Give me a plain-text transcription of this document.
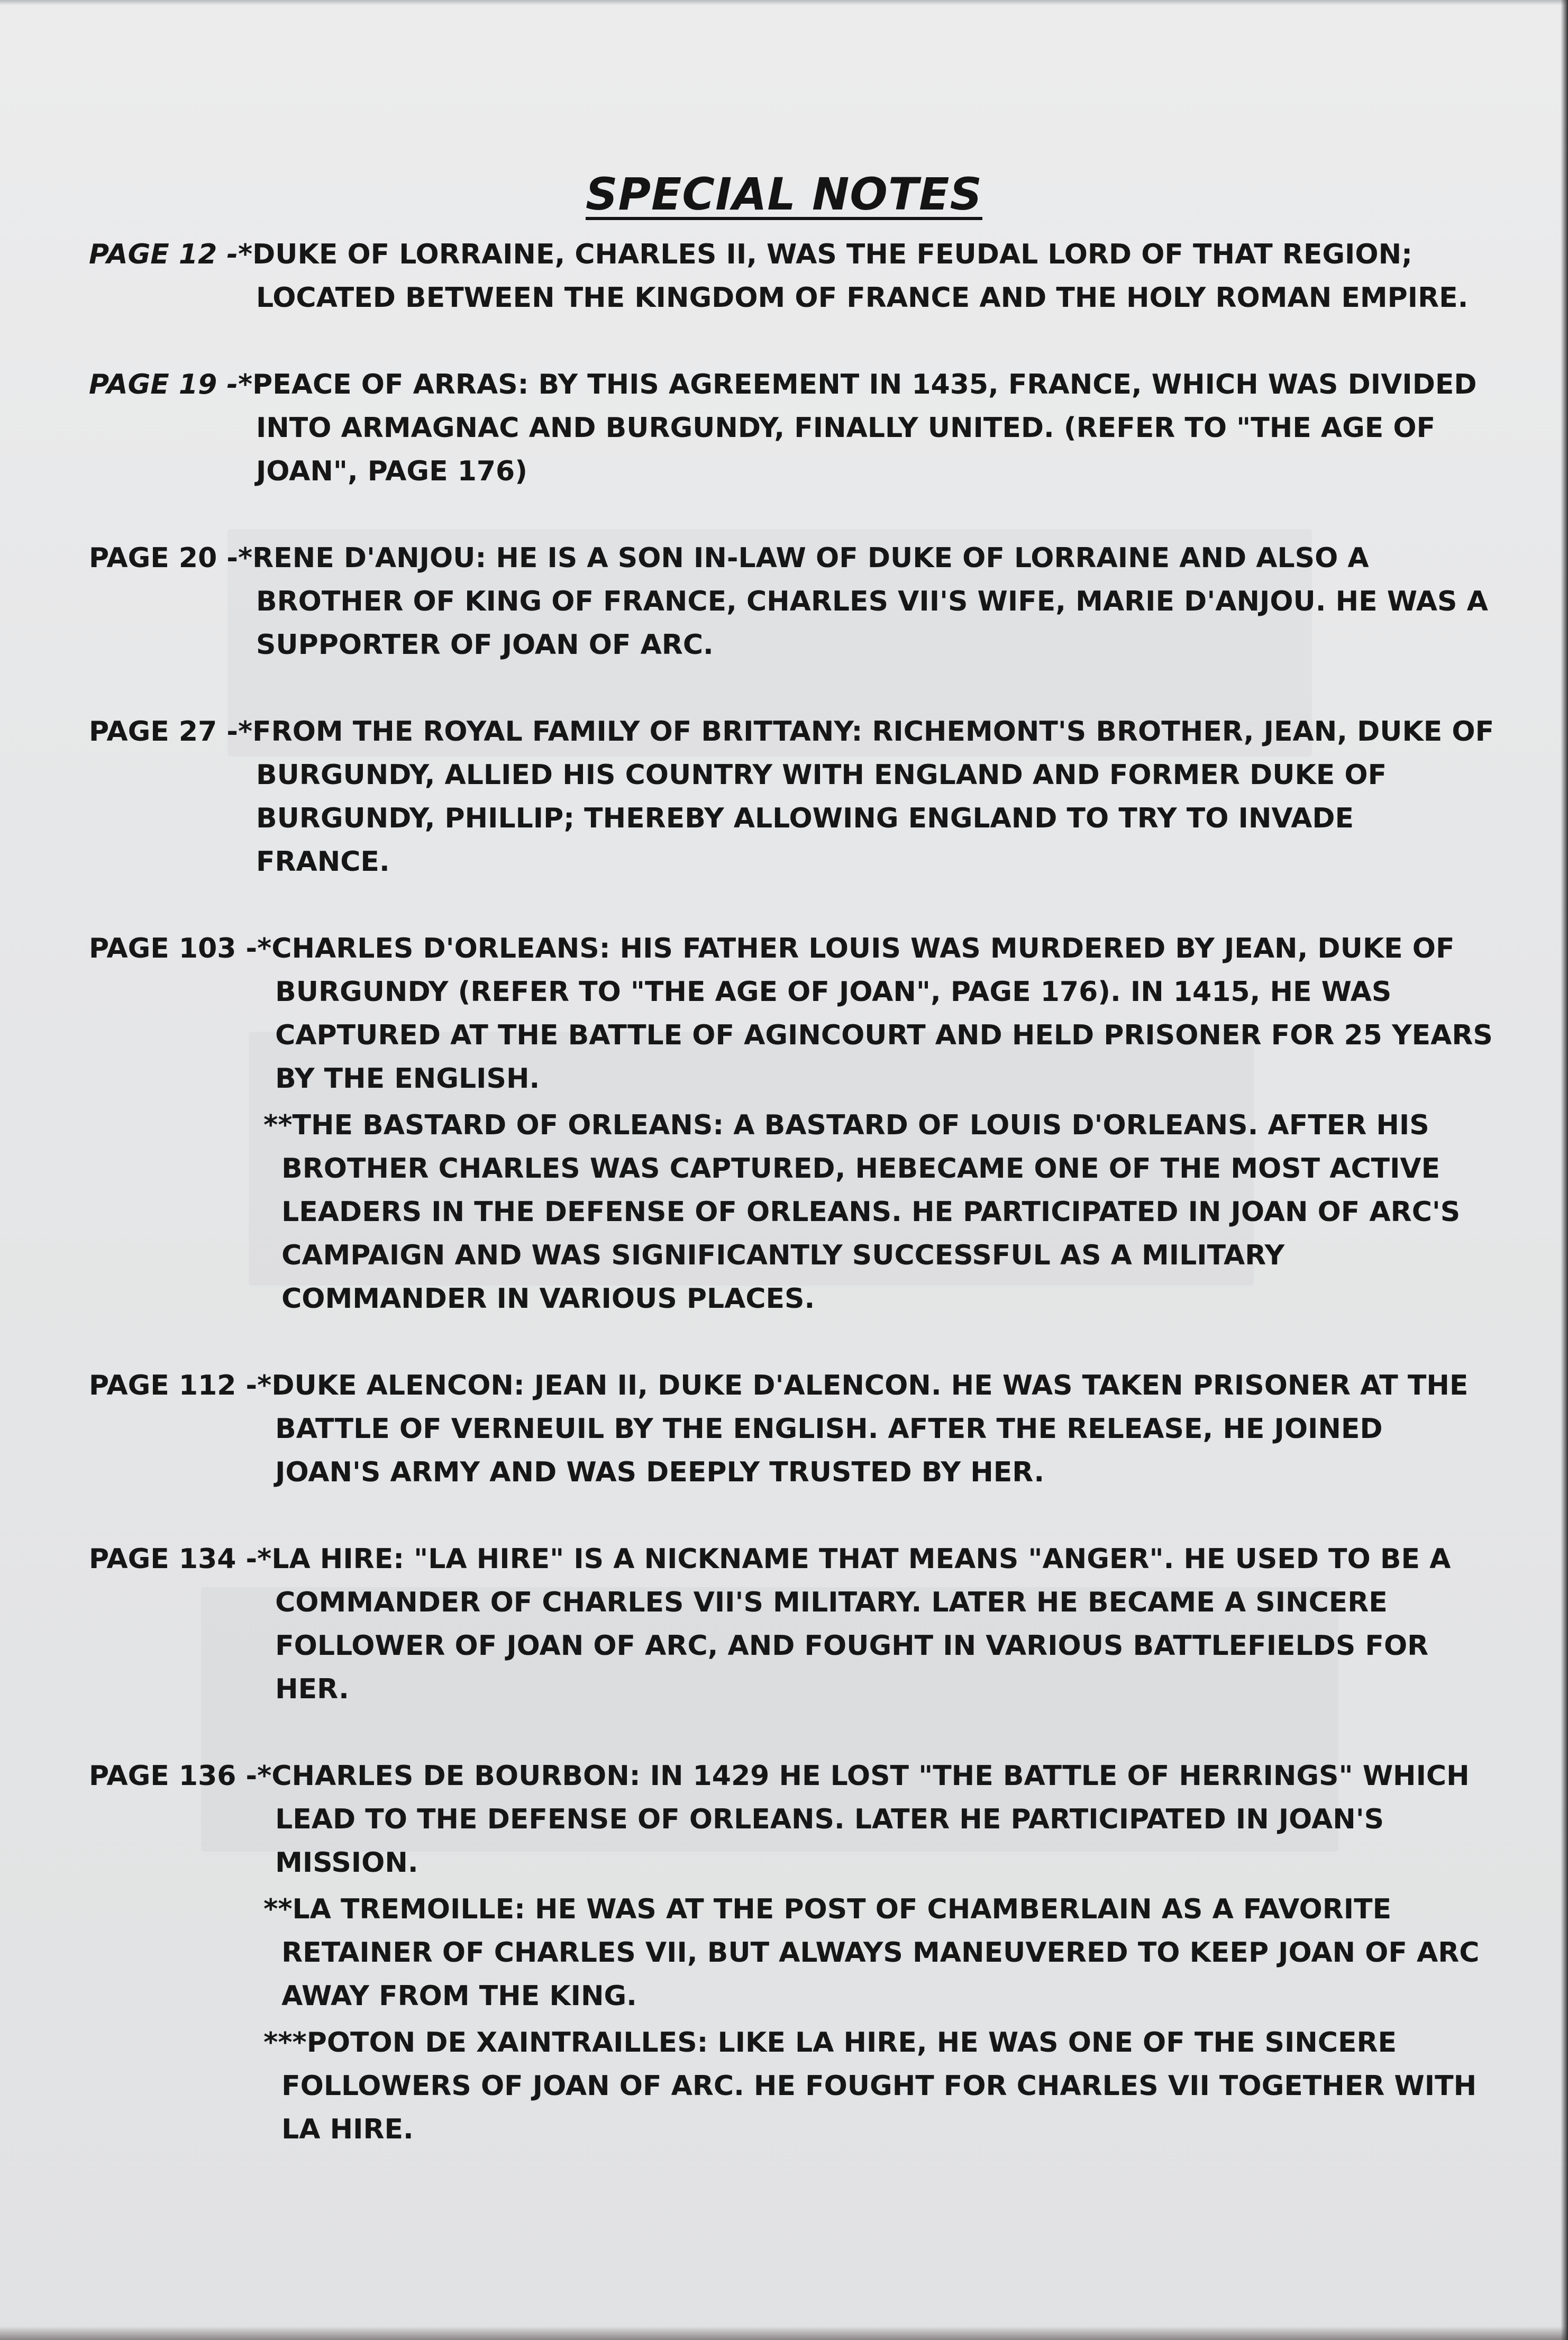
SPECIAL NOTES
PAGE 12 - *DUKE OF LORRAINE, CHARLES II, WAS THE FEUDAL LORD OF THAT REGION; LOCATED BETWEEN THE KINGDOM OF FRANCE AND THE HOLY ROMAN EMPIRE.
PAGE 19 - *PEACE OF ARRAS: BY THIS AGREEMENT IN 1435, FRANCE, WHICH WAS DIVIDED INTO ARMAGNAC AND BURGUNDY, FINALLY UNITED. (REFER TO "THE AGE OF JOAN", PAGE 176)
PAGE 20 - *RENE D'ANJOU: HE IS A SON IN-LAW OF DUKE OF LORRAINE AND ALSO A BROTHER OF KING OF FRANCE, CHARLES VII'S WIFE, MARIE D'ANJOU. HE WAS A SUPPORTER OF JOAN OF ARC.
PAGE 27 - *FROM THE ROYAL FAMILY OF BRITTANY: RICHEMONT'S BROTHER, JEAN, DUKE OF BURGUNDY, ALLIED HIS COUNTRY WITH ENGLAND AND FORMER DUKE OF BURGUNDY, PHILLIP; THEREBY ALLOWING ENGLAND TO TRY TO INVADE FRANCE.
PAGE 103 - *CHARLES D'ORLEANS: HIS FATHER LOUIS WAS MURDERED BY JEAN, DUKE OF BURGUNDY (REFER TO "THE AGE OF JOAN", PAGE 176). IN 1415, HE WAS CAPTURED AT THE BATTLE OF AGINCOURT AND HELD PRISONER FOR 25 YEARS BY THE ENGLISH.
**THE BASTARD OF ORLEANS: A BASTARD OF LOUIS D'ORLEANS. AFTER HIS BROTHER CHARLES WAS CAPTURED, HEBECAME ONE OF THE MOST ACTIVE LEADERS IN THE DEFENSE OF ORLEANS. HE PARTICIPATED IN JOAN OF ARC'S CAMPAIGN AND WAS SIGNIFICANTLY SUCCESSFUL AS A MILITARY COMMANDER IN VARIOUS PLACES.
PAGE 112 - *DUKE ALENCON: JEAN II, DUKE D'ALENCON. HE WAS TAKEN PRISONER AT THE BATTLE OF VERNEUIL BY THE ENGLISH. AFTER THE RELEASE, HE JOINED JOAN'S ARMY AND WAS DEEPLY TRUSTED BY HER.
PAGE 134 - *LA HIRE: "LA HIRE" IS A NICKNAME THAT MEANS "ANGER". HE USED TO BE A COMMANDER OF CHARLES VII'S MILITARY. LATER HE BECAME A SINCERE FOLLOWER OF JOAN OF ARC, AND FOUGHT IN VARIOUS BATTLEFIELDS FOR HER.
PAGE 136 - *CHARLES DE BOURBON: IN 1429 HE LOST "THE BATTLE OF HERRINGS" WHICH LEAD TO THE DEFENSE OF ORLEANS. LATER HE PARTICIPATED IN JOAN'S MISSION.
**LA TREMOILLE: HE WAS AT THE POST OF CHAMBERLAIN AS A FAVORITE RETAINER OF CHARLES VII, BUT ALWAYS MANEUVERED TO KEEP JOAN OF ARC AWAY FROM THE KING.
***POTON DE XAINTRAILLES: LIKE LA HIRE, HE WAS ONE OF THE SINCERE FOLLOWERS OF JOAN OF ARC. HE FOUGHT FOR CHARLES VII TOGETHER WITH LA HIRE.
